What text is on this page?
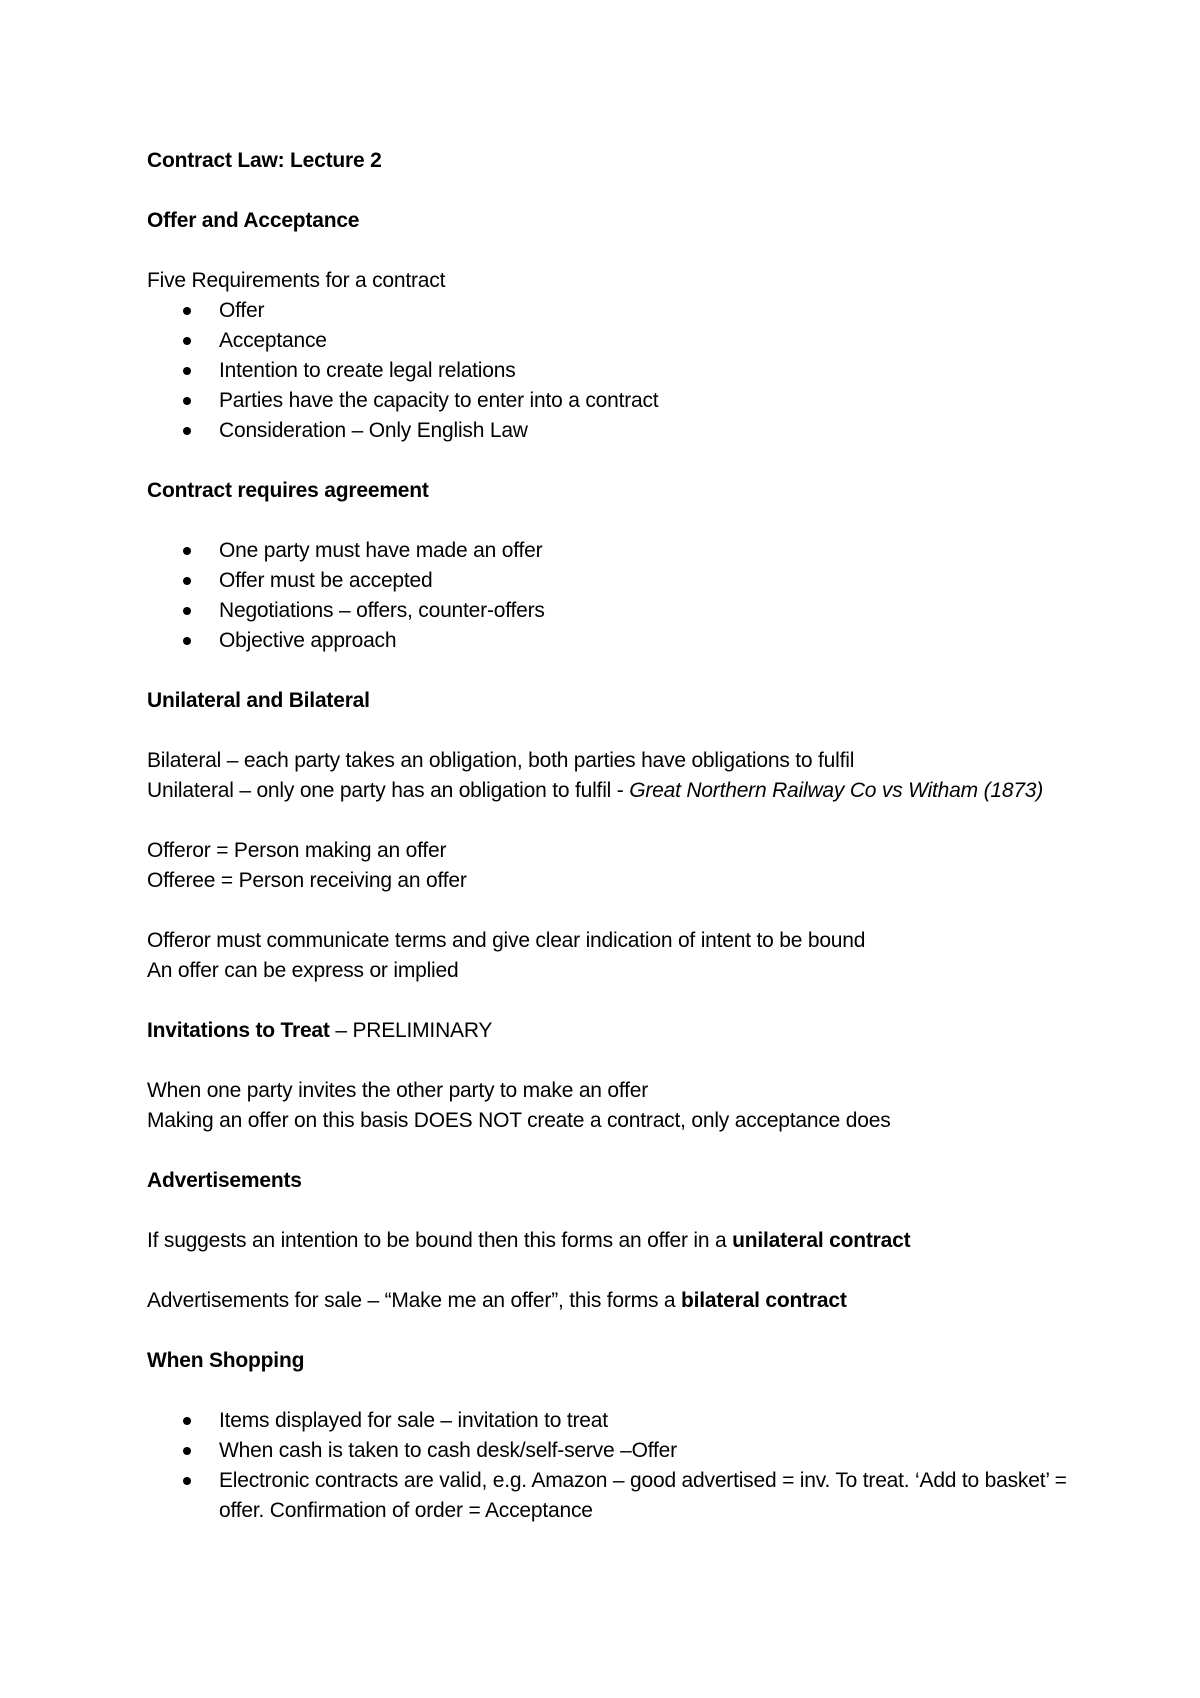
Contract Law: Lecture 2

Offer and Acceptance

Five Requirements for a contract

Offer
Acceptance
Intention to create legal relations
Parties have the capacity to enter into a contract
Consideration – Only English Law

Contract requires agreement

One party must have made an offer
Offer must be accepted
Negotiations – offers, counter-offers
Objective approach

Unilateral and Bilateral

Bilateral – each party takes an obligation, both parties have obligations to fulfil

Unilateral – only one party has an obligation to fulfil - Great Northern Railway Co vs Witham (1873)

Offeror = Person making an offer

Offeree = Person receiving an offer

Offeror must communicate terms and give clear indication of intent to be bound

An offer can be express or implied

Invitations to Treat – PRELIMINARY

When one party invites the other party to make an offer

Making an offer on this basis DOES NOT create a contract, only acceptance does

Advertisements

If suggests an intention to be bound then this forms an offer in a unilateral contract

Advertisements for sale – “Make me an offer”, this forms a bilateral contract

When Shopping

Items displayed for sale – invitation to treat
When cash is taken to cash desk/self-serve –Offer
Electronic contracts are valid, e.g. Amazon – good advertised = inv. To treat. ‘Add to basket’ = offer. Confirmation of order = Acceptance
